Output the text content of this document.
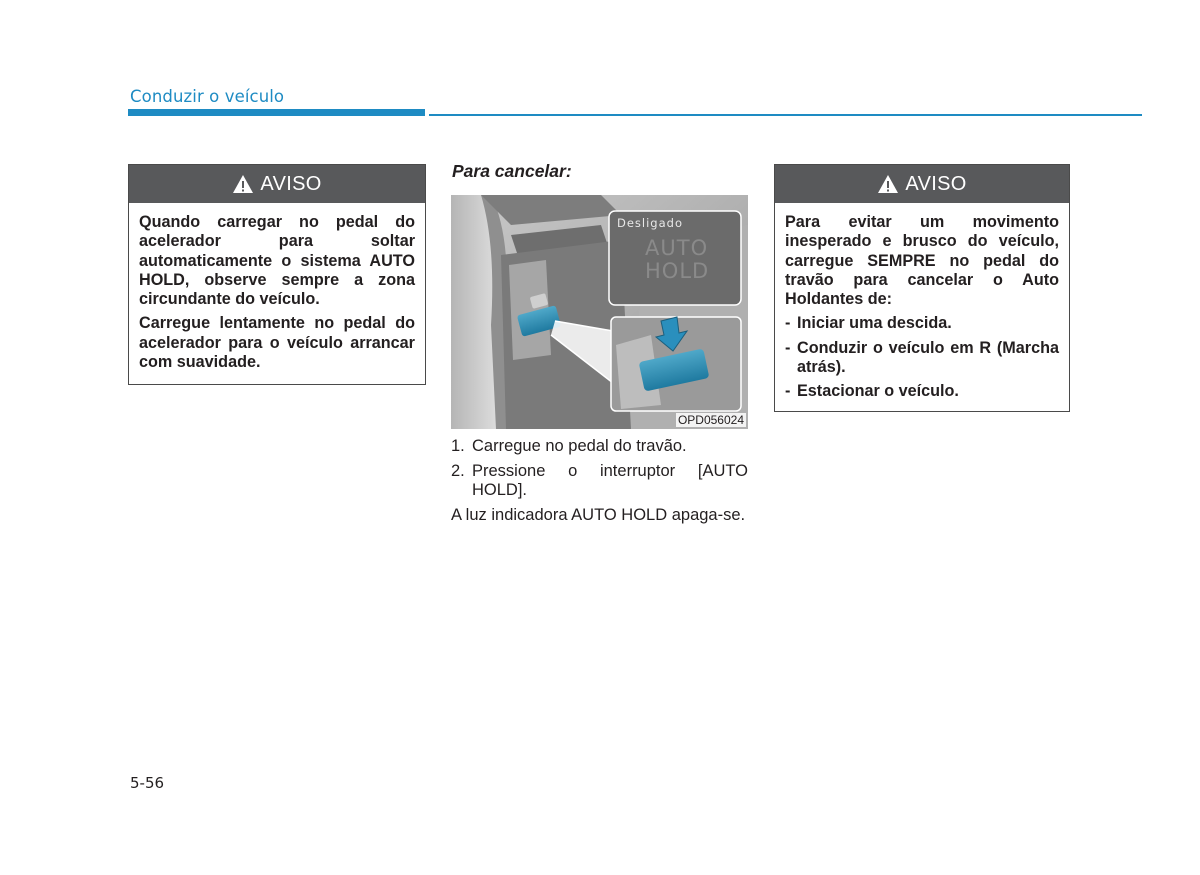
Conduzir o veículo
AVISO

Quando carregar no pedal do acelerador para soltar automaticamente o sistema AUTO HOLD, observe sempre a zona circundante do veículo.

Carregue lentamente no pedal do acelerador para o veículo arrancar com suavidade.

Para cancelar:
OPD056024
Desligado
AUTO
HOLD
1. Carregue no pedal do travão.
2. Pressione o interruptor [AUTO HOLD].

A luz indicadora AUTO HOLD apaga-se.

AVISO

Para evitar um movimento inesperado e brusco do veículo, carregue SEMPRE no pedal do travão para cancelar o Auto Holdantes de:

- Iniciar uma descida.
- Conduzir o veículo em R (Marcha atrás).
- Estacionar o veículo.
5-56
